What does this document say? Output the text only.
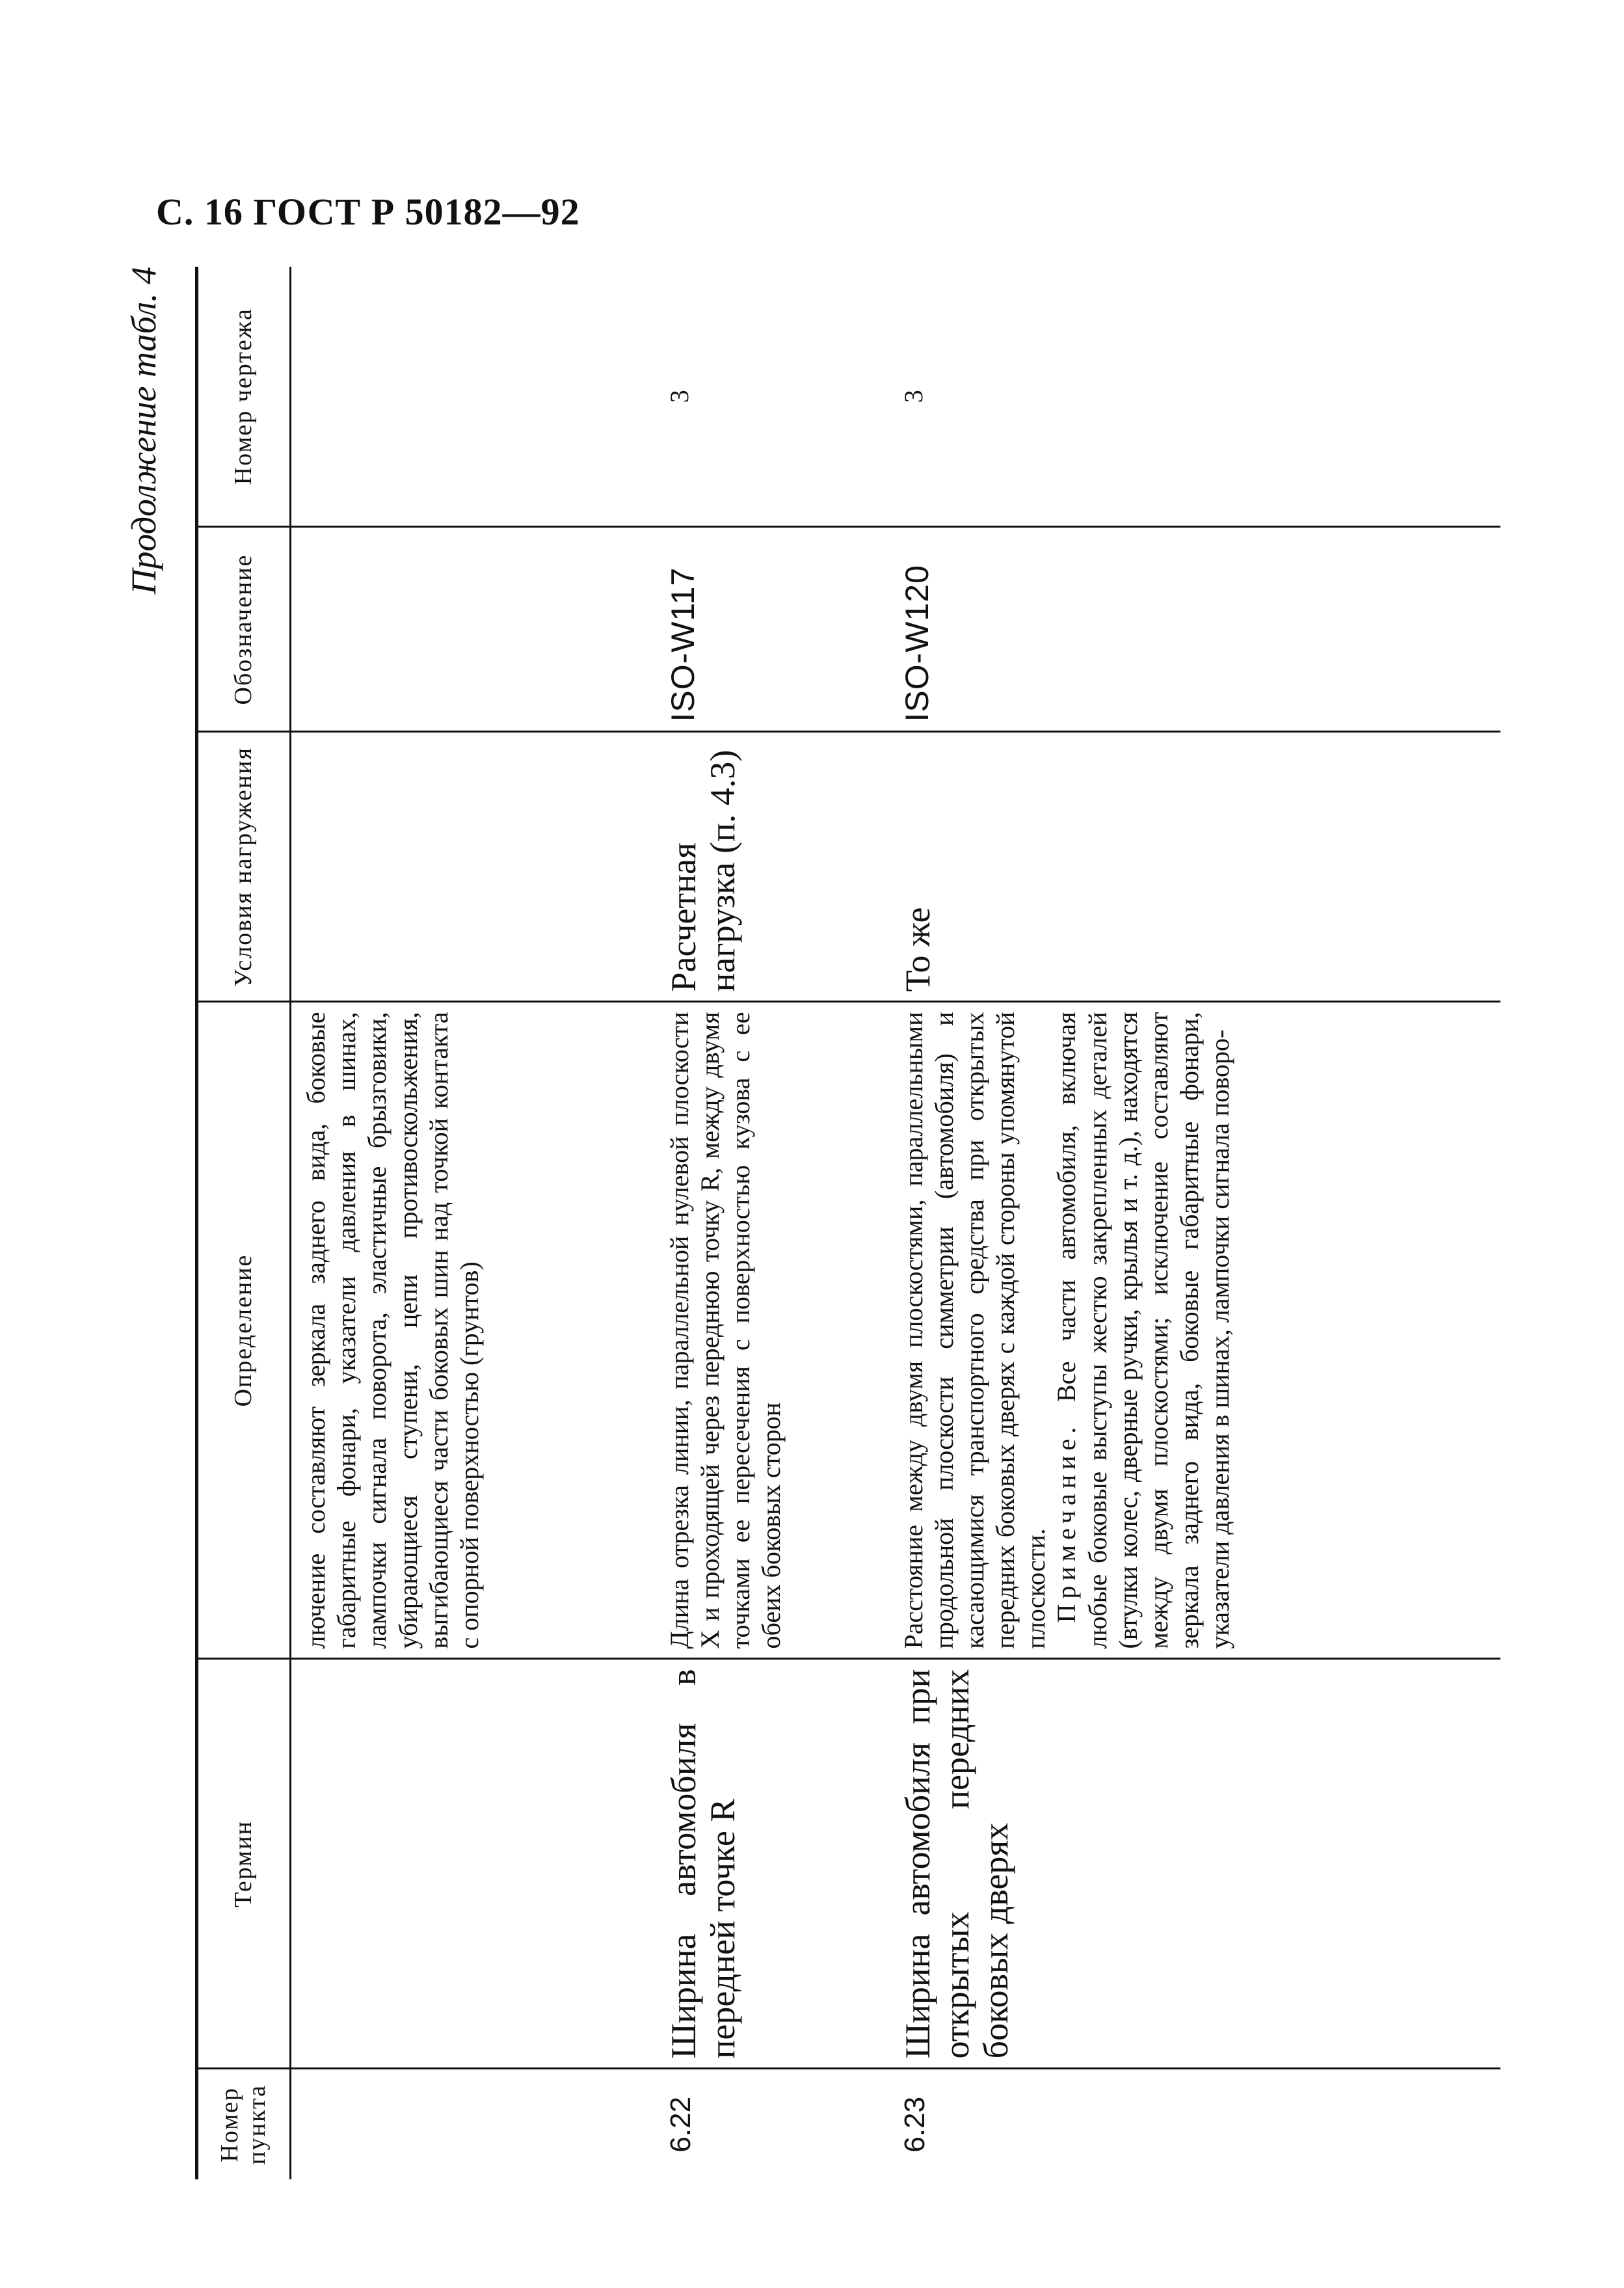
С. 16 ГОСТ Р 50182—92
Продолжение табл. 4
Номер пункта	Термин	Определение	Условия нагружения	Обозначение	Номер чертежа
		лючение составляют зеркала заднего вида, боковые габаритные фонари, указатели давления в шинах, лампочки сигнала поворота, эластичные брызговики, убирающиеся ступени, цепи противоскольжения, выгибающиеся части боковых шин над точкой контакта с опорной поверхностью (грунтов)			
6.22	Ширина автомобиля в передней точке R	Длина отрезка линии, параллельной нулевой плоскости X и проходящей через переднюю точку R, между двумя точками ее пересечения с поверхностью кузова с ее обеих боковых сторон	Расчетная нагрузка (п. 4.3)	ISO-W117	3
6.23	Ширина автомобиля при открытых передних боковых дверях	Расстояние между двумя плоскостями, параллельными продольной плоскости симметрии (автомобиля) и касающимися транспортного средства при открытых передних боковых дверях с каждой стороны упомянутой плоскости. Примечание. Все части автомобиля, включая любые боковые выступы жестко закрепленных деталей (втулки колес, дверные ручки, крылья и т. д.), находятся между двумя плоскостями; исключение составляют зеркала заднего вида, боковые габаритные фонари, указатели давления в шинах, лампочки сигнала поворо-	То же	ISO-W120	3
